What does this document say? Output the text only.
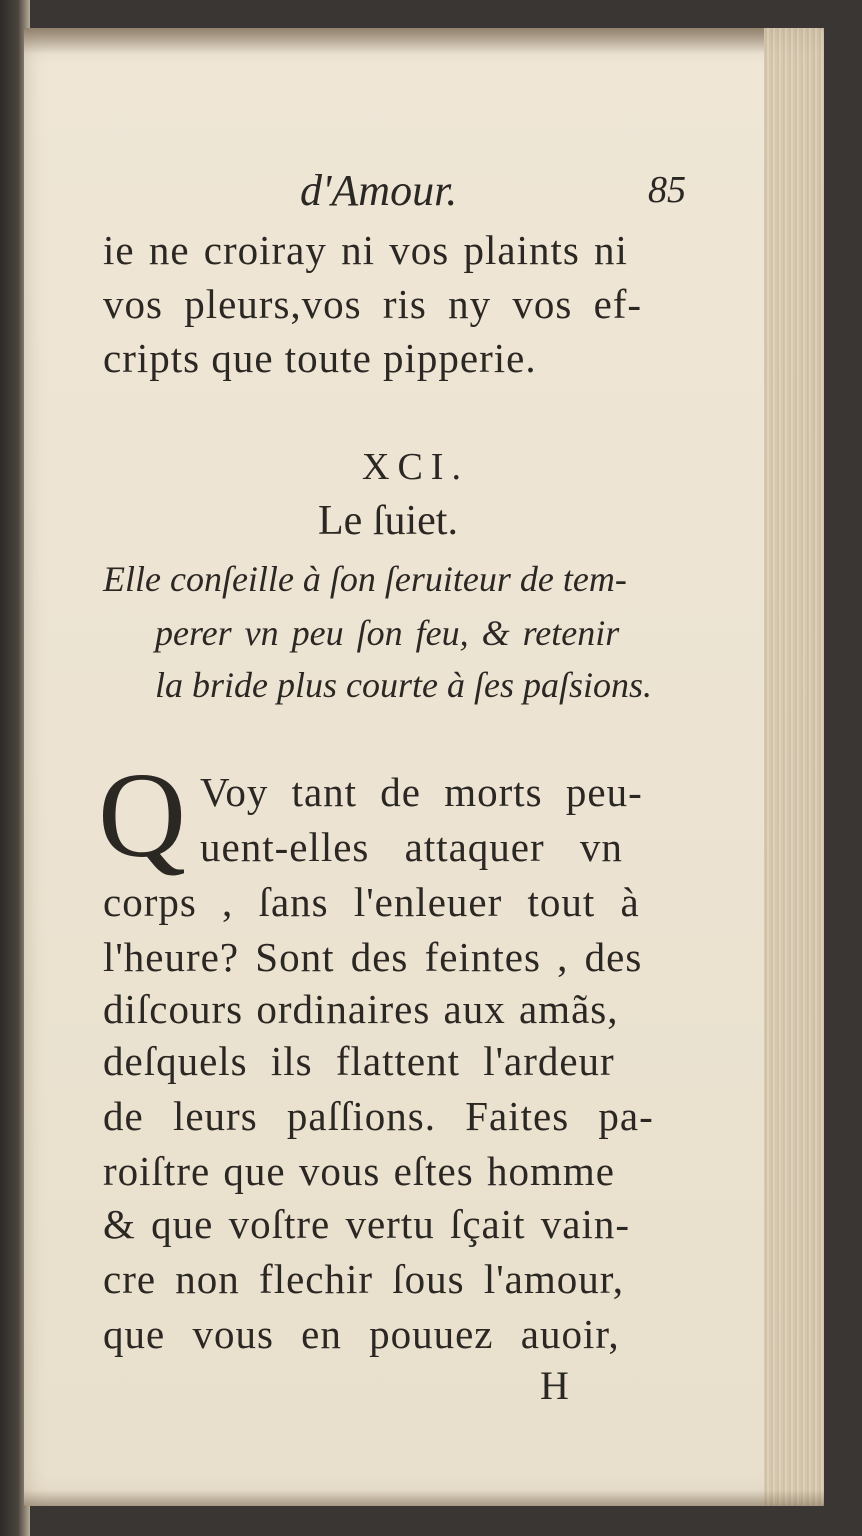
d'Amour.	85
ie ne croiray ni vos plaints ni
vos pleurs,vos ris ny vos ef-
cripts que toute pipperie.
XCI.
Le ſuiet.
Elle conſeille à ſon ſeruiteur de tem-
perer vn peu ſon feu, & retenir
la bride plus courte à ſes paſsions.
Q Voy tant de morts peu-
uent-elles attaquer vn
corps , ſans l'enleuer tout à
l'heure? Sont des feintes , des
diſcours ordinaires aux amãs,
deſquels ils flattent l'ardeur
de leurs paſſions. Faites pa-
roiſtre que vous eſtes homme
& que voſtre vertu ſçait vain-
cre non flechir ſous l'amour,
que vous en pouuez auoir,
H
